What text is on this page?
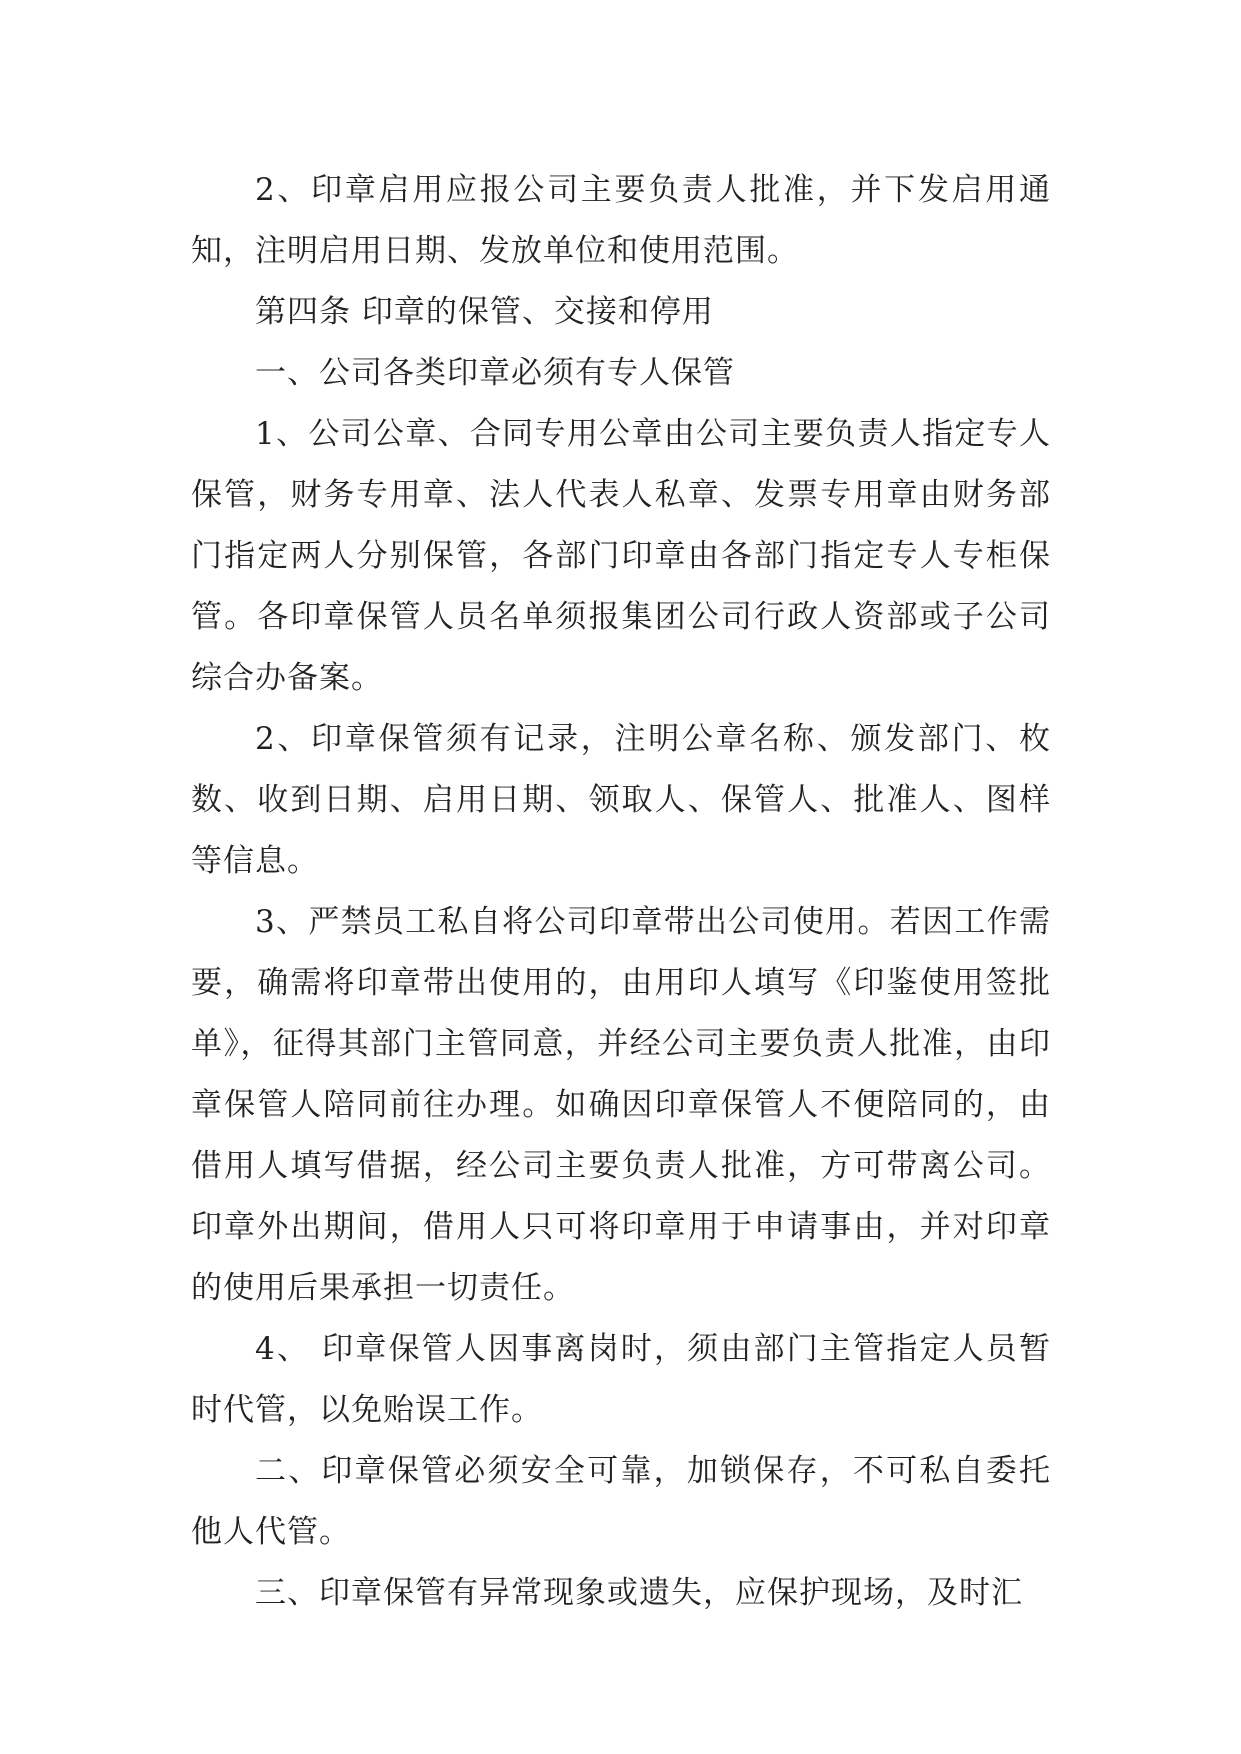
2、印章启用应报公司主要负责人批准，并下发启用通知，注明启用日期、发放单位和使用范围。

第四条 印章的保管、交接和停用

一、公司各类印章必须有专人保管

1、公司公章、合同专用公章由公司主要负责人指定专人保管，财务专用章、法人代表人私章、发票专用章由财务部门指定两人分别保管，各部门印章由各部门指定专人专柜保管。各印章保管人员名单须报集团公司行政人资部或子公司综合办备案。

2、印章保管须有记录，注明公章名称、颁发部门、枚数、收到日期、启用日期、领取人、保管人、批准人、图样等信息。

3、严禁员工私自将公司印章带出公司使用。若因工作需要，确需将印章带出使用的，由用印人填写《印鉴使用签批单》，征得其部门主管同意，并经公司主要负责人批准，由印章保管人陪同前往办理。如确因印章保管人不便陪同的，由借用人填写借据，经公司主要负责人批准，方可带离公司。印章外出期间，借用人只可将印章用于申请事由，并对印章的使用后果承担一切责任。

4、 印章保管人因事离岗时，须由部门主管指定人员暂时代管，以免贻误工作。

二、印章保管必须安全可靠，加锁保存，不可私自委托他人代管。

三、印章保管有异常现象或遗失，应保护现场，及时汇
